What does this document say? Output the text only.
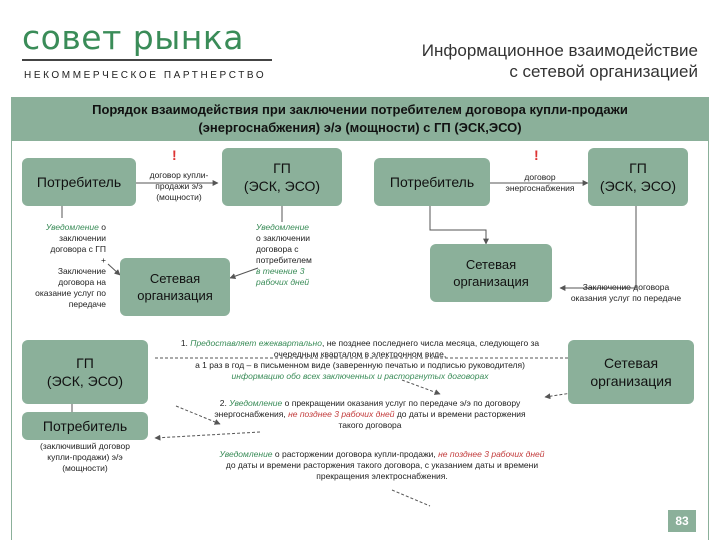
совет рынка
НЕКОММЕРЧЕСКОЕ ПАРТНЕРСТВО
Информационное взаимодействие
с сетевой организацией
Порядок взаимодействия при заключении потребителем договора купли-продажи
(энергоснабжения) э/э (мощности) с ГП (ЭСК,ЭСО)
Потребитель
!
договор купли-
продажи э/э
(мощности)
ГП
(ЭСК, ЭСО)
Уведомление о
заключении
договора с ГП
+
Заключение
договора на
оказание услуг по
передаче
Сетевая
организация
Уведомление
о заключении
договора с
потребителем
в течение 3
рабочих дней
Потребитель
!
договор
энергоснабжения
ГП
(ЭСК, ЭСО)
Сетевая
организация	Заключение договора
оказания услуг по передаче
ГП
(ЭСК, ЭСО)
Потребитель
(заключивший договор
купли-продажи) э/э
(мощности)
Сетевая
организация
1. Предоставляет ежеквартально, не позднее последнего числа месяца, следующего за
очередным кварталом в электронном виде,
а 1 раз в год – в письменном виде (заверенную печатью и подписью руководителя)
информацию обо всех заключенных и расторгнутых договорах
2. Уведомление о прекращении оказания услуг по передаче э/э по договору
энергоснабжения, не позднее 3 рабочих дней до даты и времени расторжения
такого договора
Уведомление о расторжении договора купли-продажи, не позднее 3 рабочих дней
до даты и времени расторжения такого договора, с указанием даты и времени
прекращения электроснабжения.
83
